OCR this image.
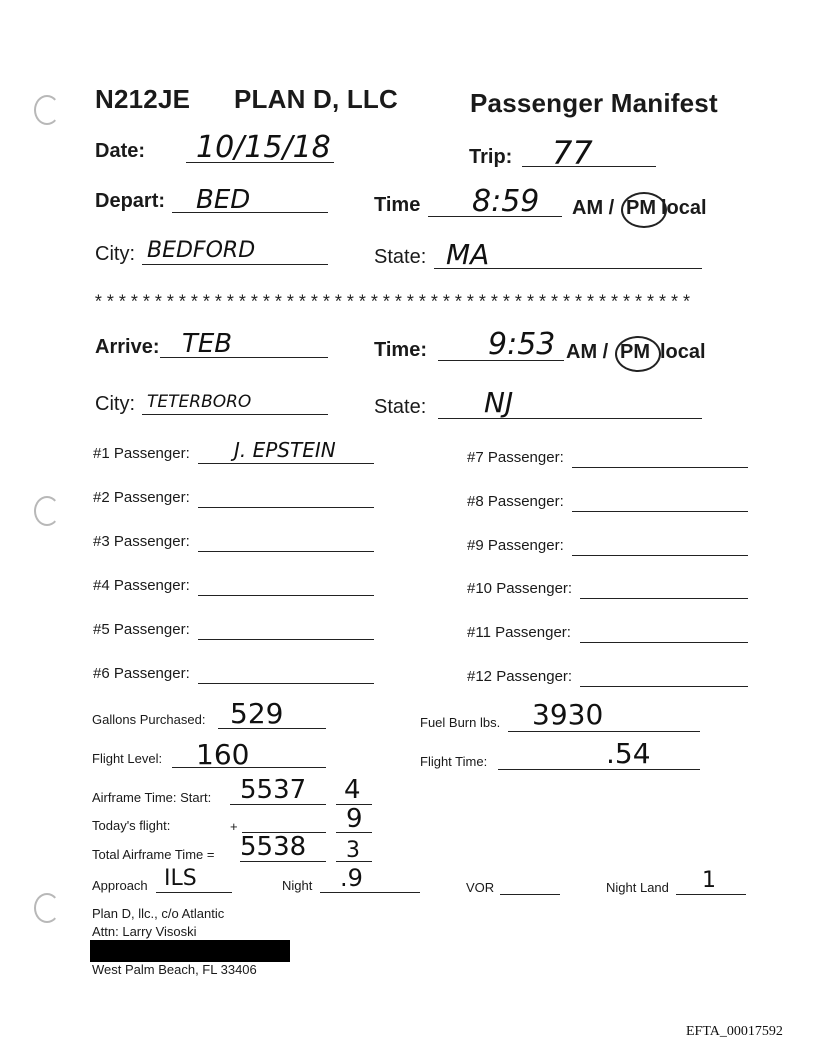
N212JE PLAN D, LLC	Passenger Manifest
Date: 10/15/18	Trip: 77
Depart: BED	Time 8:59 AM / PM local
City: BEDFORD	State: MA
**************************************************
Arrive: TEB	Time: 9:53 AM / PM local
City: TETERBORO	State: NJ
#1 Passenger: J. EPSTEIN
#2 Passenger:
#3 Passenger:
#4 Passenger:
#5 Passenger:
#6 Passenger:
#7 Passenger:
#8 Passenger:
#9 Passenger:
#10 Passenger:
#11 Passenger:
#12 Passenger:
Gallons Purchased: 529	Fuel Burn lbs. 3930
Flight Level: 160	Flight Time:	.54
Airframe Time: Start: 5537 4
Today's flight:	+	9
Total Airframe Time = 5538 3
Approach ILS	Night .9	VOR	Night Land 1
Plan D, llc., c/o Atlantic
Attn: Larry Visoski
West Palm Beach, FL 33406
EFTA_00017592
